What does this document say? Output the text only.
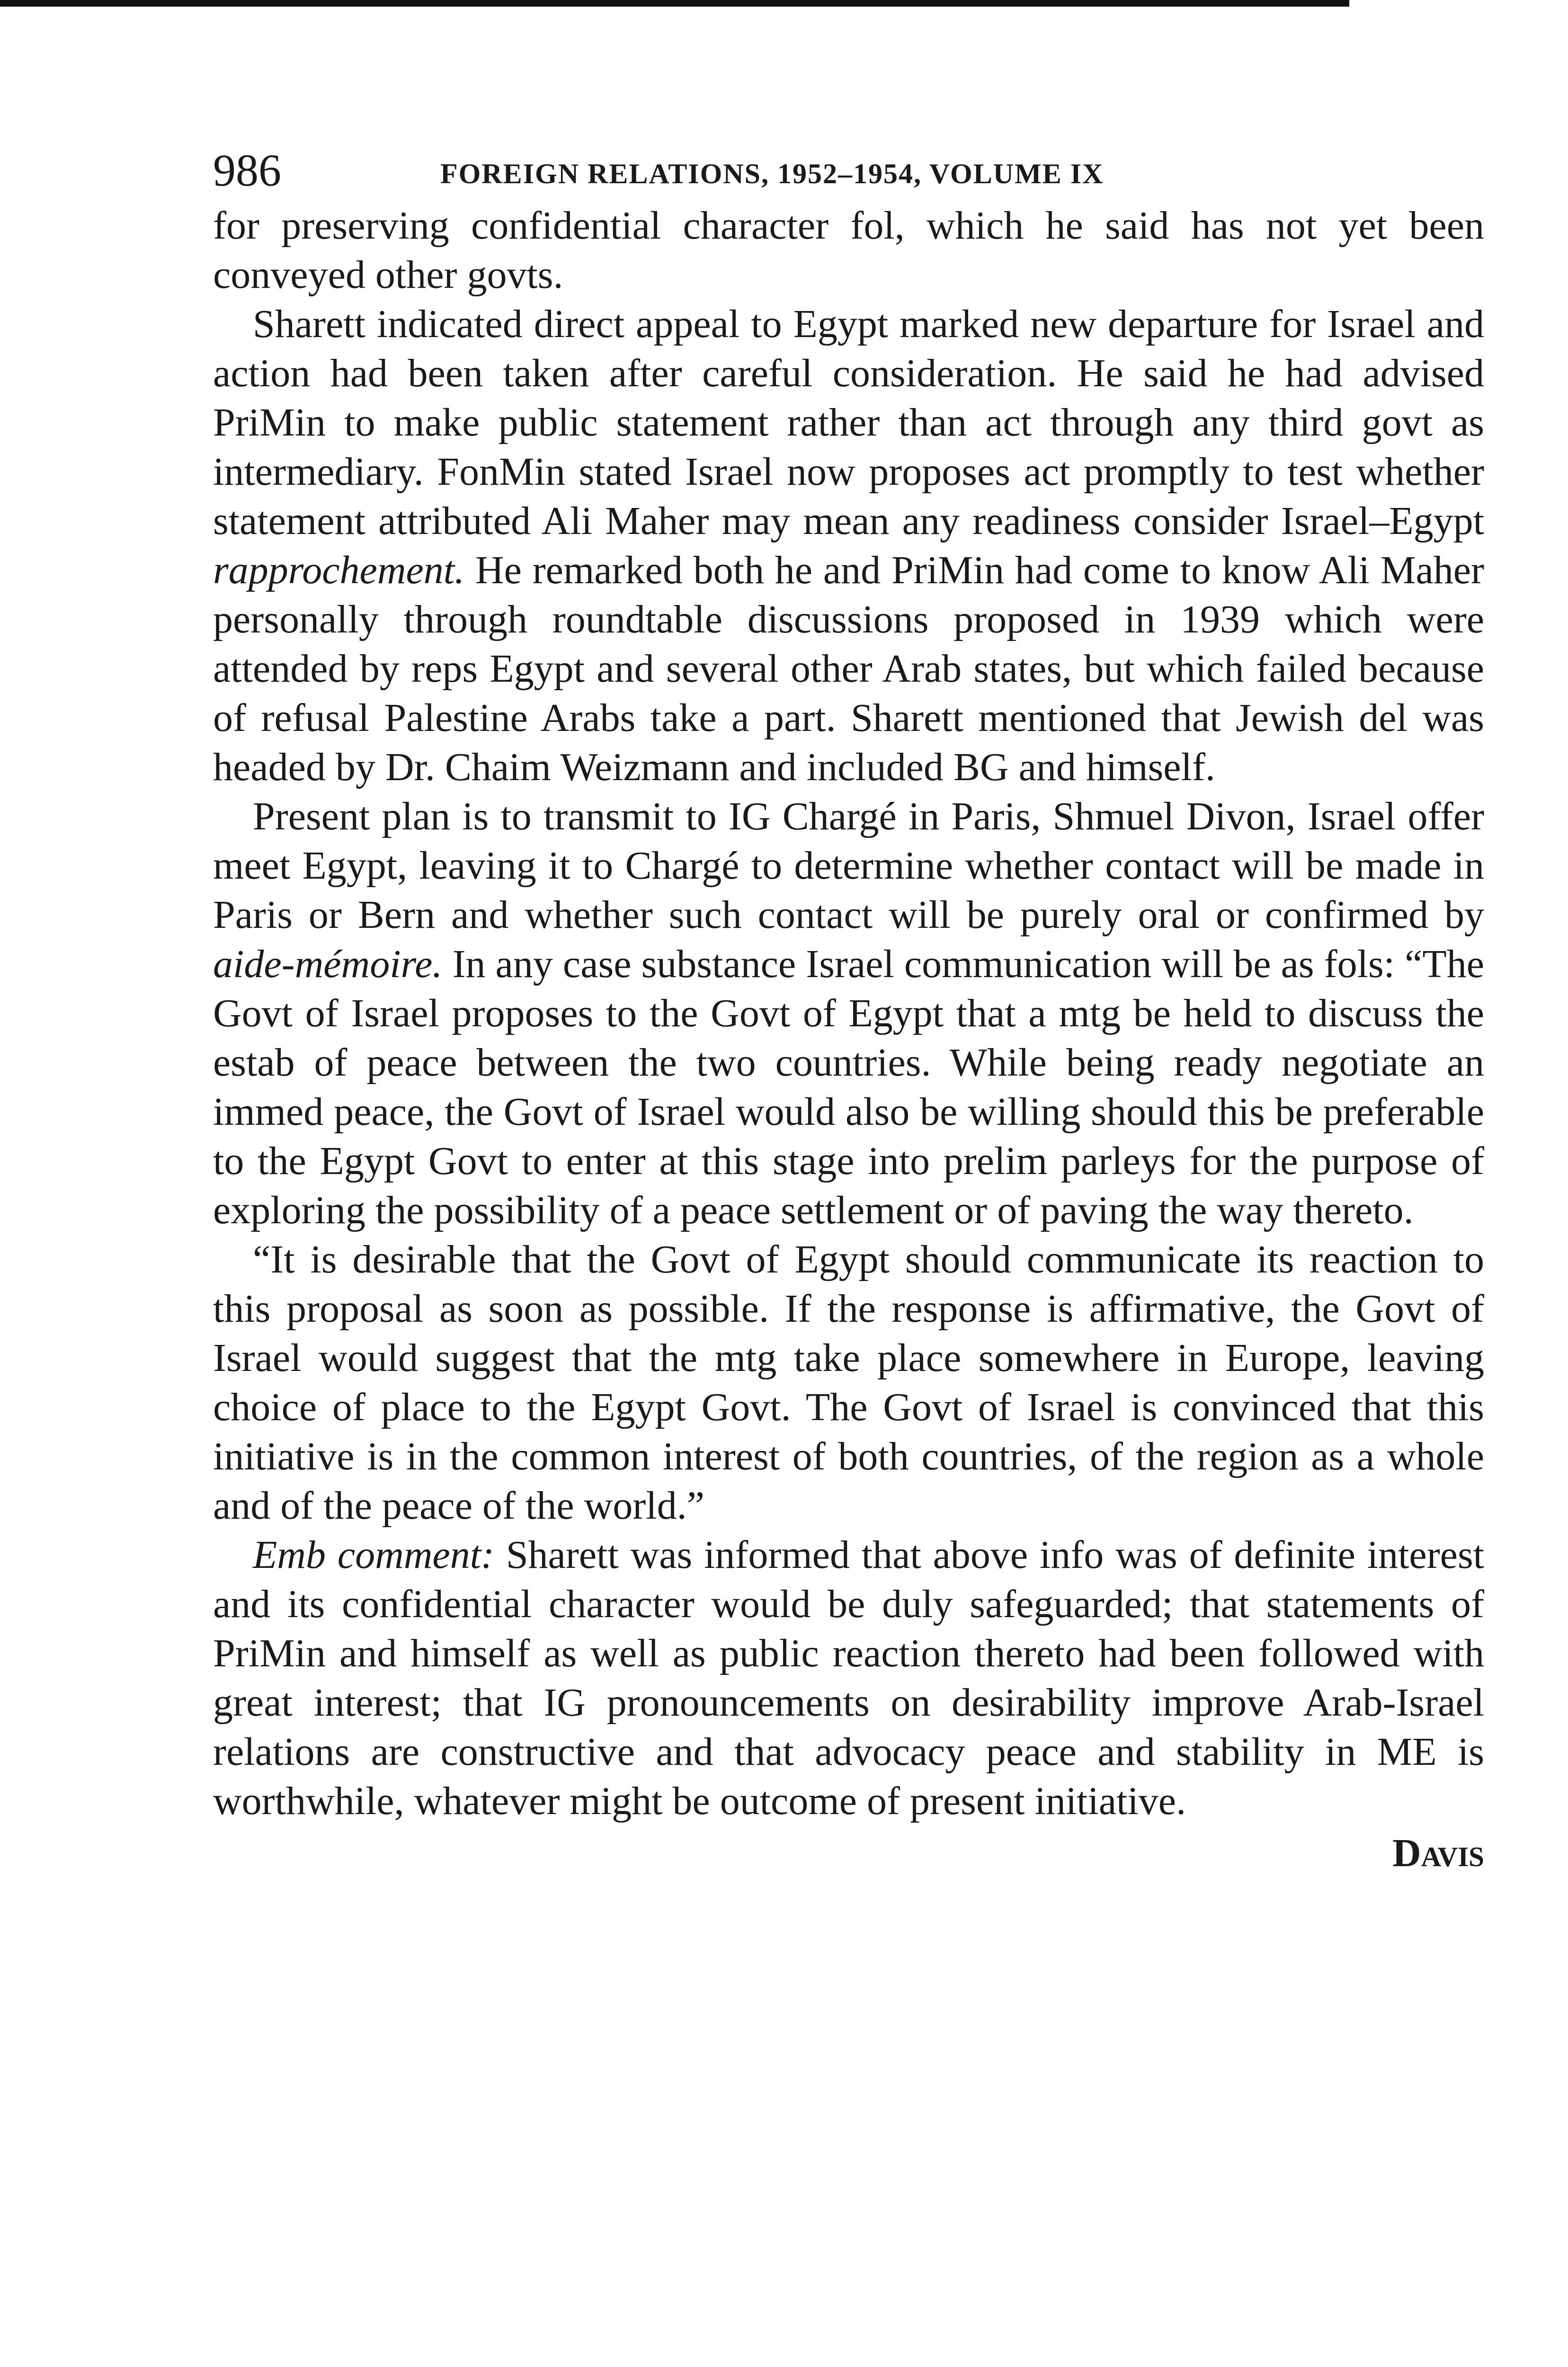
986	FOREIGN RELATIONS, 1952–1954, VOLUME IX

for preserving confidential character fol, which he said has not yet been conveyed other govts.

Sharett indicated direct appeal to Egypt marked new departure for Israel and action had been taken after careful consideration. He said he had advised PriMin to make public statement rather than act through any third govt as intermediary. FonMin stated Israel now proposes act promptly to test whether statement attributed Ali Maher may mean any readiness consider Israel–Egypt rapprochement. He remarked both he and PriMin had come to know Ali Maher personally through roundtable discussions proposed in 1939 which were attended by reps Egypt and several other Arab states, but which failed because of refusal Palestine Arabs take a part. Sharett mentioned that Jewish del was headed by Dr. Chaim Weizmann and included BG and himself.

Present plan is to transmit to IG Chargé in Paris, Shmuel Divon, Israel offer meet Egypt, leaving it to Chargé to determine whether contact will be made in Paris or Bern and whether such contact will be purely oral or confirmed by aide-mémoire. In any case substance Israel communication will be as fols: “The Govt of Israel proposes to the Govt of Egypt that a mtg be held to discuss the estab of peace between the two countries. While being ready negotiate an immed peace, the Govt of Israel would also be willing should this be preferable to the Egypt Govt to enter at this stage into prelim parleys for the purpose of exploring the possibility of a peace settlement or of paving the way thereto.

“It is desirable that the Govt of Egypt should communicate its reaction to this proposal as soon as possible. If the response is affirmative, the Govt of Israel would suggest that the mtg take place somewhere in Europe, leaving choice of place to the Egypt Govt. The Govt of Israel is convinced that this initiative is in the common interest of both countries, of the region as a whole and of the peace of the world.”

Emb comment: Sharett was informed that above info was of definite interest and its confidential character would be duly safeguarded; that statements of PriMin and himself as well as public reaction thereto had been followed with great interest; that IG pronouncements on desirability improve Arab-Israel relations are constructive and that advocacy peace and stability in ME is worthwhile, whatever might be outcome of present initiative.

Davis
